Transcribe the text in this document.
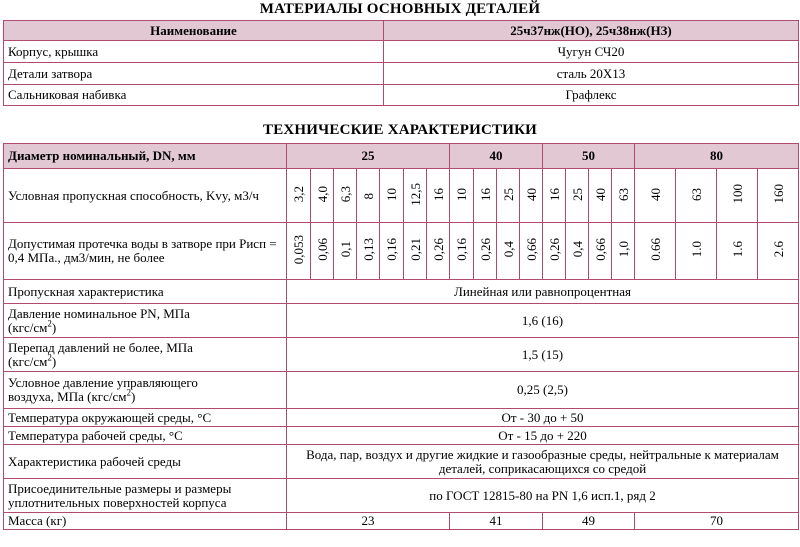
МАТЕРИАЛЫ ОСНОВНЫХ ДЕТАЛЕЙ
Наименование	25ч37нж(НО), 25ч38нж(НЗ)
Корпус, крышка	Чугун СЧ20
Детали затвора	сталь 20Х13
Сальниковая набивка	Графлекс
ТЕХНИЧЕСКИЕ ХАРАКТЕРИСТИКИ
Диаметр номинальный, DN, мм	25							40				50				80			
Условная пропускная способность, Kvy, м3/ч	3,2	4,0	6,3	8	10	12,5	16	10	16	25	40	16	25	40	63	40	63	100	160
Допустимая протечка воды в затворе при Рисп = 0,4 МПа., дм3/мин, не более	0,053	0,06	0,1	0,13	0,16	0,21	0,26	0,16	0,26	0,4	0,66	0,26	0,4	0,66	1,0	0.66	1.0	1.6	2.6
Пропускная характеристика	Линейная или равнопроцентная																		
Давление номинальное PN, МПа
$(кгс/см^2)$	1,6 (16)																		
Перепад давлений не более, МПа
$(кгс/см^2)$	1,5 (15)																		
Условное давление управляющего
воздуха, МПа $(кгс/см^2)$	0,25 (2,5)																		
Температура окружающей среды, °С	От - 30 до + 50																		
Температура рабочей среды, °С	От - 15 до + 220																		
Характеристика рабочей среды	Вода, пар, воздух и другие жидкие и газообразные среды, нейтральные к материалам деталей, соприкасающихся со средой																		
Присоединительные размеры и размеры уплотнительных поверхностей корпуса	по ГОСТ 12815-80 на PN 1,6 исп.1, ряд 2																		
Масса (кг)	23							41				49				70			
